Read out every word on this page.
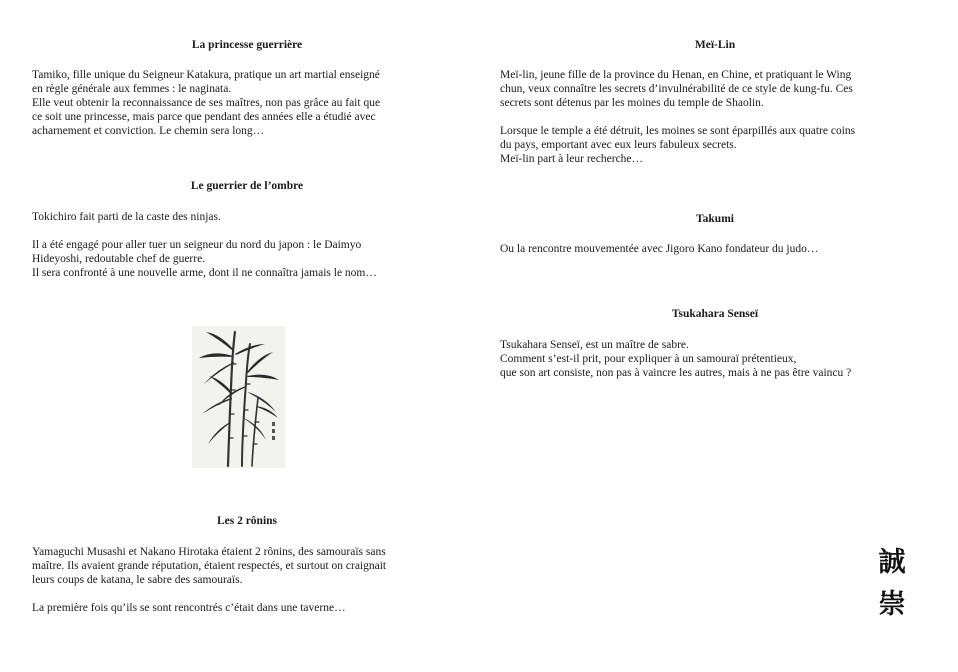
La princesse guerrière
Tamiko, fille unique du Seigneur Katakura, pratique un art martial enseigné
en règle générale aux femmes : le naginata.
Elle veut obtenir la reconnaissance de ses maîtres, non pas grâce au fait que
ce soit une princesse, mais parce que pendant des années elle a étudié avec
acharnement et conviction. Le chemin sera long…
Le guerrier de l’ombre
Tokichiro fait parti de la caste des ninjas.
Il a été engagé pour aller tuer un seigneur du nord du japon : le Daimyo
Hideyoshi, redoutable chef de guerre.
Il sera confronté à une nouvelle arme, dont il ne connaîtra jamais le nom…
Les 2 rônins
Yamaguchi Musashi et Nakano Hirotaka étaient 2 rônins, des samouraïs sans
maître. Ils avaient grande réputation, étaient respectés, et surtout on craignait
leurs coups de katana, le sabre des samouraïs.
La première fois qu’ils se sont rencontrés c’était dans une taverne…
Meï-Lin
Meï-lin, jeune fille de la province du Henan, en Chine, et pratiquant le Wing
chun, veux connaître les secrets d’invulnérabilité de ce style de kung-fu. Ces
secrets sont détenus par les moines du temple de Shaolin.
Lorsque le temple a été détruit, les moines se sont éparpillés aux quatre coins
du pays, emportant avec eux leurs fabuleux secrets.
Meï-lin part à leur recherche…
Takumi
Ou la rencontre mouvementée avec Jigoro Kano fondateur du judo…
Tsukahara Senseï
Tsukahara Senseï, est un maître de sabre.
Comment s’est-il prit, pour expliquer à un samouraï prétentieux,
que son art consiste, non pas à vaincre les autres, mais à ne pas être vaincu ?
誠
崇
